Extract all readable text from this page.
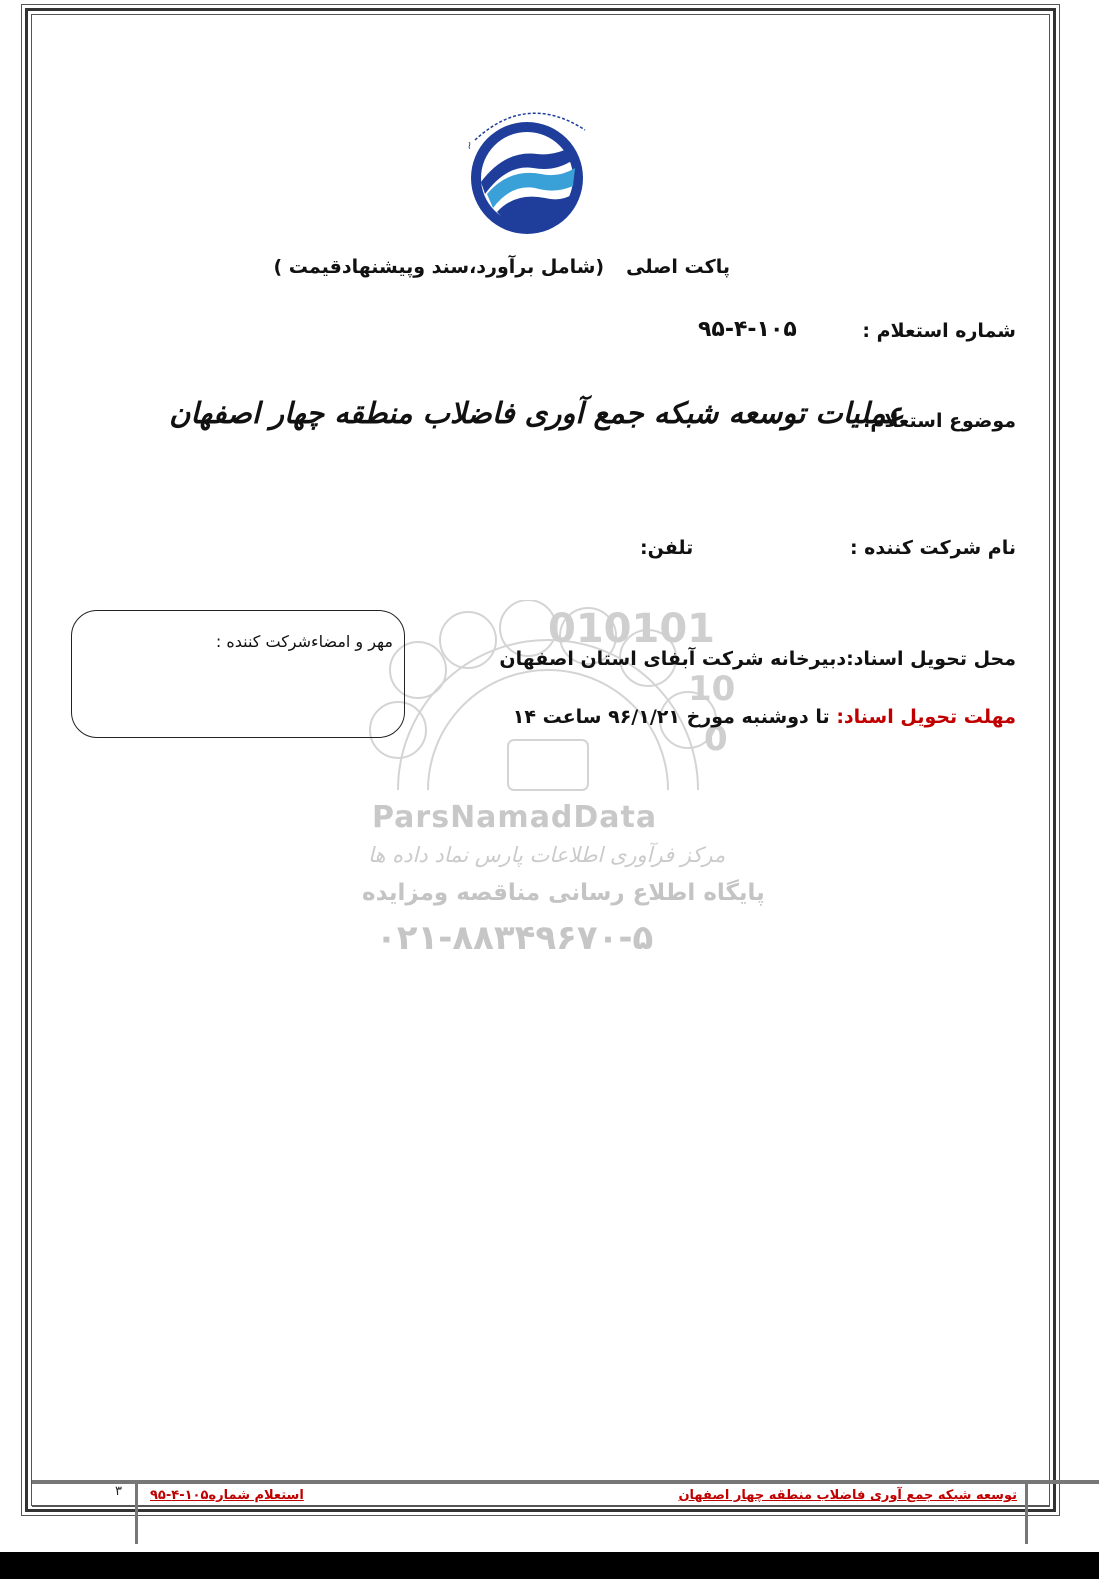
~
پاکت اصلی(شامل برآورد،سند وپیشنهادقیمت )
شماره استعلام :
۹۵-۴-۱۰۵
موضوع استعلام:
عملیات توسعه شبکه جمع آوری فاضلاب منطقه چهار اصفهان
نام شرکت کننده :
تلفن:
010101
10
0
ParsNamadData
مرکز فرآوری اطلاعات پارس نماد داده ها
پایگاه اطلاع رسانی مناقصه ومزایده
۰۲۱-۸۸۳۴۹۶۷۰-۵
محل تحویل اسناد:دبیرخانه شرکت آبفای استان اصفهان
مهلت تحویل اسناد: تا دوشنبه مورخ ۹۶/۱/۲۱ ساعت ۱۴
مهر و امضاءشرکت کننده :
۳ استعلام شماره۱۰۵-۴-۹۵	توسعه شبکه جمع آوری فاضلاب منطقه چهار اصفهان
